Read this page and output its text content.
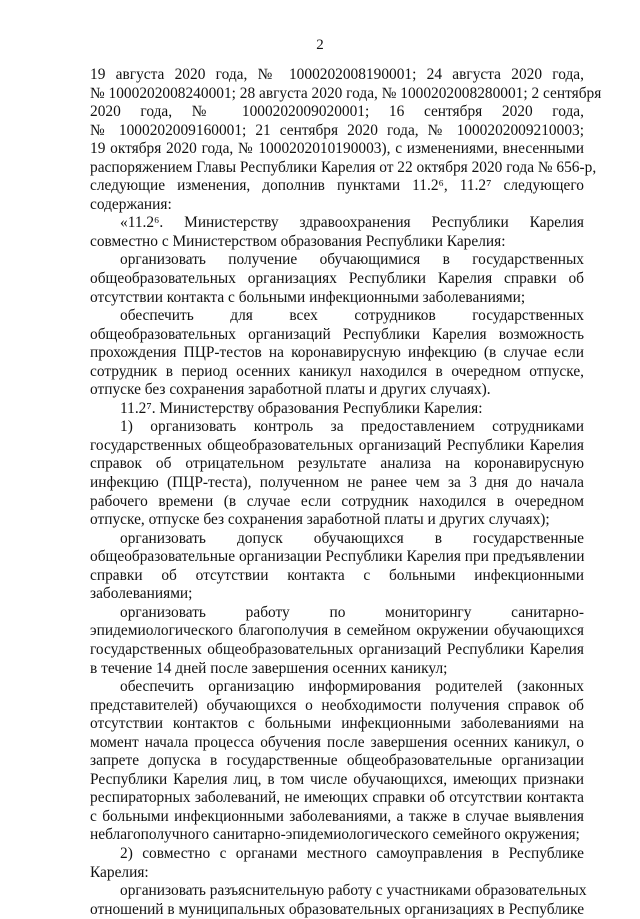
2
19 августа 2020 года, № 1000202008190001; 24 августа 2020 года,
№ 1000202008240001; 28 августа 2020 года, № 1000202008280001; 2 сентября
2020 года, № 1000202009020001; 16 сентября 2020 года,
№ 1000202009160001; 21 сентября 2020 года, № 1000202009210003;
19 октября 2020 года, № 1000202010190003), с изменениями, внесенными
распоряжением Главы Республики Карелия от 22 октября 2020 года № 656-р,
следующие изменения, дополнив пунктами 11.2⁶, 11.2⁷ следующего
содержания:
«11.2⁶. Министерству здравоохранения Республики Карелия
совместно с Министерством образования Республики Карелия:
организовать получение обучающимися в государственных
общеобразовательных организациях Республики Карелия справки об
отсутствии контакта с больными инфекционными заболеваниями;
обеспечить для всех сотрудников государственных
общеобразовательных организаций Республики Карелия возможность
прохождения ПЦР-тестов на коронавирусную инфекцию (в случае если
сотрудник в период осенних каникул находился в очередном отпуске,
отпуске без сохранения заработной платы и других случаях).
11.2⁷. Министерству образования Республики Карелия:
1) организовать контроль за предоставлением сотрудниками
государственных общеобразовательных организаций Республики Карелия
справок об отрицательном результате анализа на коронавирусную
инфекцию (ПЦР-теста), полученном не ранее чем за 3 дня до начала
рабочего времени (в случае если сотрудник находился в очередном
отпуске, отпуске без сохранения заработной платы и других случаях);
организовать допуск обучающихся в государственные
общеобразовательные организации Республики Карелия при предъявлении
справки об отсутствии контакта с больными инфекционными
заболеваниями;
организовать работу по мониторингу санитарно-
эпидемиологического благополучия в семейном окружении обучающихся
государственных общеобразовательных организаций Республики Карелия
в течение 14 дней после завершения осенних каникул;
обеспечить организацию информирования родителей (законных
представителей) обучающихся о необходимости получения справок об
отсутствии контактов с больными инфекционными заболеваниями на
момент начала процесса обучения после завершения осенних каникул, о
запрете допуска в государственные общеобразовательные организации
Республики Карелия лиц, в том числе обучающихся, имеющих признаки
респираторных заболеваний, не имеющих справки об отсутствии контакта
с больными инфекционными заболеваниями, а также в случае выявления
неблагополучного санитарно-эпидемиологического семейного окружения;
2) совместно с органами местного самоуправления в Республике
Карелия:
организовать разъяснительную работу с участниками образовательных
отношений в муниципальных образовательных организациях в Республике
